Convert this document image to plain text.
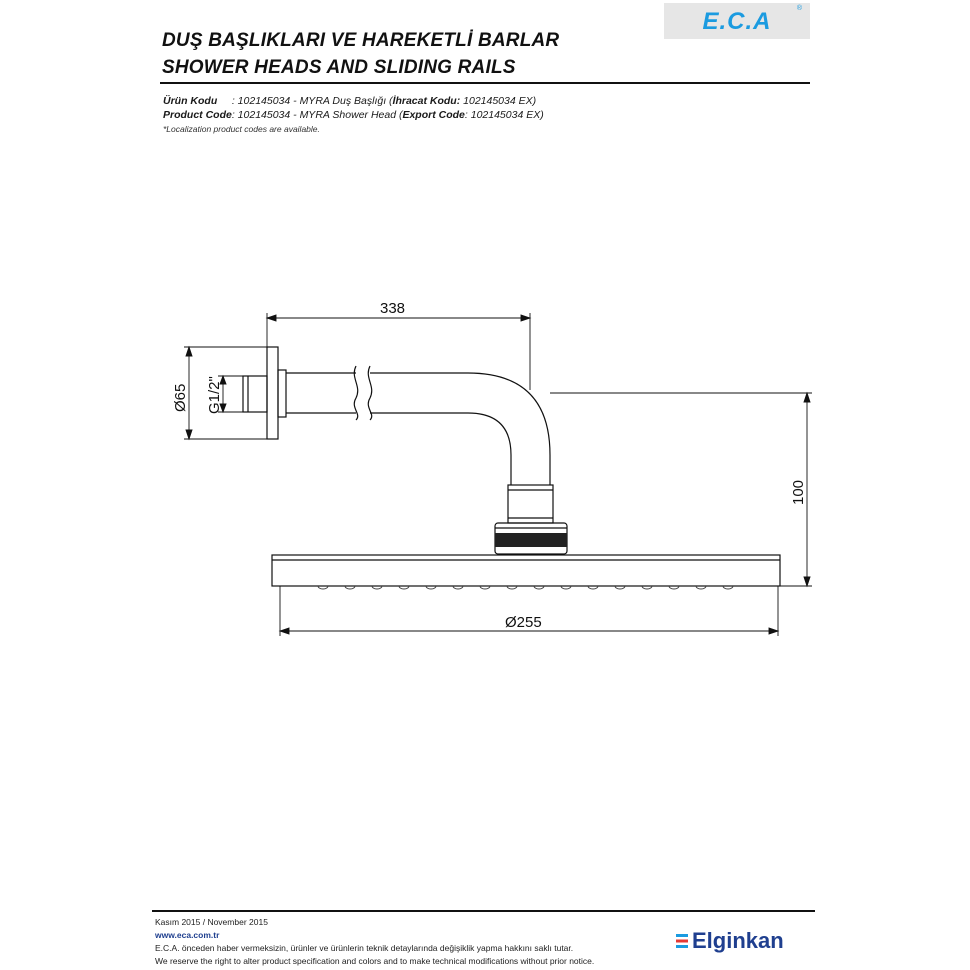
E.C.A	®
DUŞ BAŞLIKLARI VE HAREKETLİ BARLAR
SHOWER HEADS AND SLIDING RAILS
Ürün Kodu : 102145034 - MYRA Duş Başlığı (İhracat Kodu: 102145034 EX)
Product Code: 102145034 - MYRA Shower Head (Export Code: 102145034 EX)
*Localization product codes are available.
338
Ø65 G1/2"
100
Ø255
Kasım 2015 / November 2015
www.eca.com.tr
E.C.A. önceden haber vermeksizin, ürünler ve ürünlerin teknik detaylarında değişiklik yapma hakkını saklı tutar.
We reserve the right to alter product specification and colors and to make technical modifications without prior notice.
Elginkan
